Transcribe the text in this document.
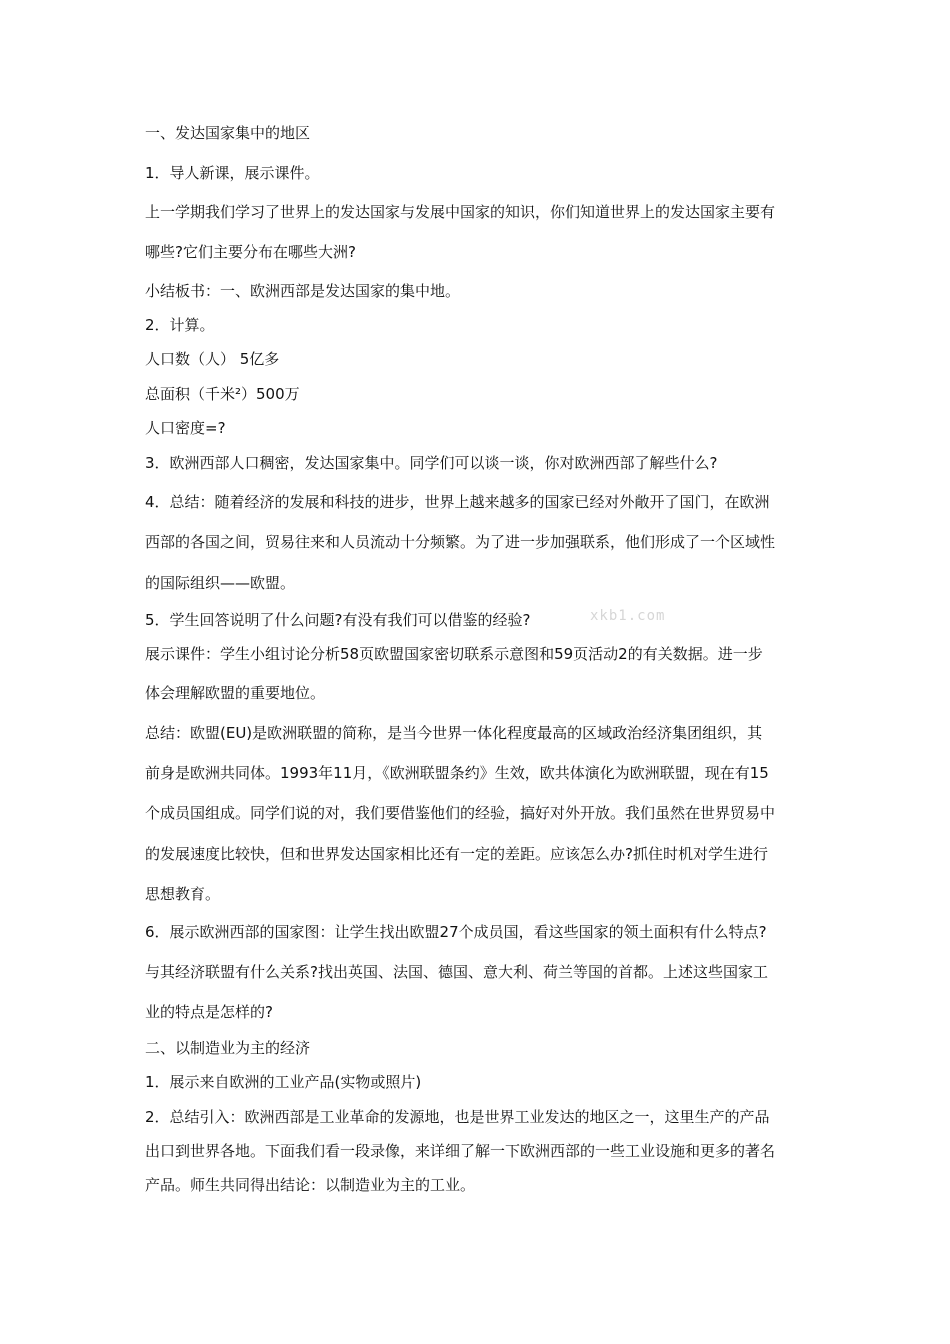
一、发达国家集中的地区
1．导人新课，展示课件。
上一学期我们学习了世界上的发达国家与发展中国家的知识，你们知道世界上的发达国家主要有
哪些?它们主要分布在哪些大洲?
小结板书：一、欧洲西部是发达国家的集中地。
2．计算。
人口数（人） 5亿多
总面积（千米²）500万
人口密度=?
3．欧洲西部人口稠密，发达国家集中。同学们可以谈一谈，你对欧洲西部了解些什么?
4．总结：随着经济的发展和科技的进步，世界上越来越多的国家已经对外敞开了国门，在欧洲
西部的各国之间，贸易往来和人员流动十分频繁。为了进一步加强联系，他们形成了一个区域性
的国际组织——欧盟。
5．学生回答说明了什么问题?有没有我们可以借鉴的经验?
展示课件：学生小组讨论分析58页欧盟国家密切联系示意图和59页活动2的有关数据。进一步
体会理解欧盟的重要地位。
总结：欧盟(EU)是欧洲联盟的简称，是当今世界一体化程度最高的区域政治经济集团组织，其
前身是欧洲共同体。1993年11月，《欧洲联盟条约》生效，欧共体演化为欧洲联盟，现在有15
个成员国组成。同学们说的对，我们要借鉴他们的经验，搞好对外开放。我们虽然在世界贸易中
的发展速度比较快，但和世界发达国家相比还有一定的差距。应该怎么办?抓住时机对学生进行
思想教育。
6．展示欧洲西部的国家图：让学生找出欧盟27个成员国，看这些国家的领土面积有什么特点?
与其经济联盟有什么关系?找出英国、法国、德国、意大利、荷兰等国的首都。上述这些国家工
业的特点是怎样的?
二、以制造业为主的经济
1．展示来自欧洲的工业产品(实物或照片)
2．总结引入：欧洲西部是工业革命的发源地，也是世界工业发达的地区之一，这里生产的产品
出口到世界各地。下面我们看一段录像，来详细了解一下欧洲西部的一些工业设施和更多的著名
产品。师生共同得出结论：以制造业为主的工业。
xkb1.com
